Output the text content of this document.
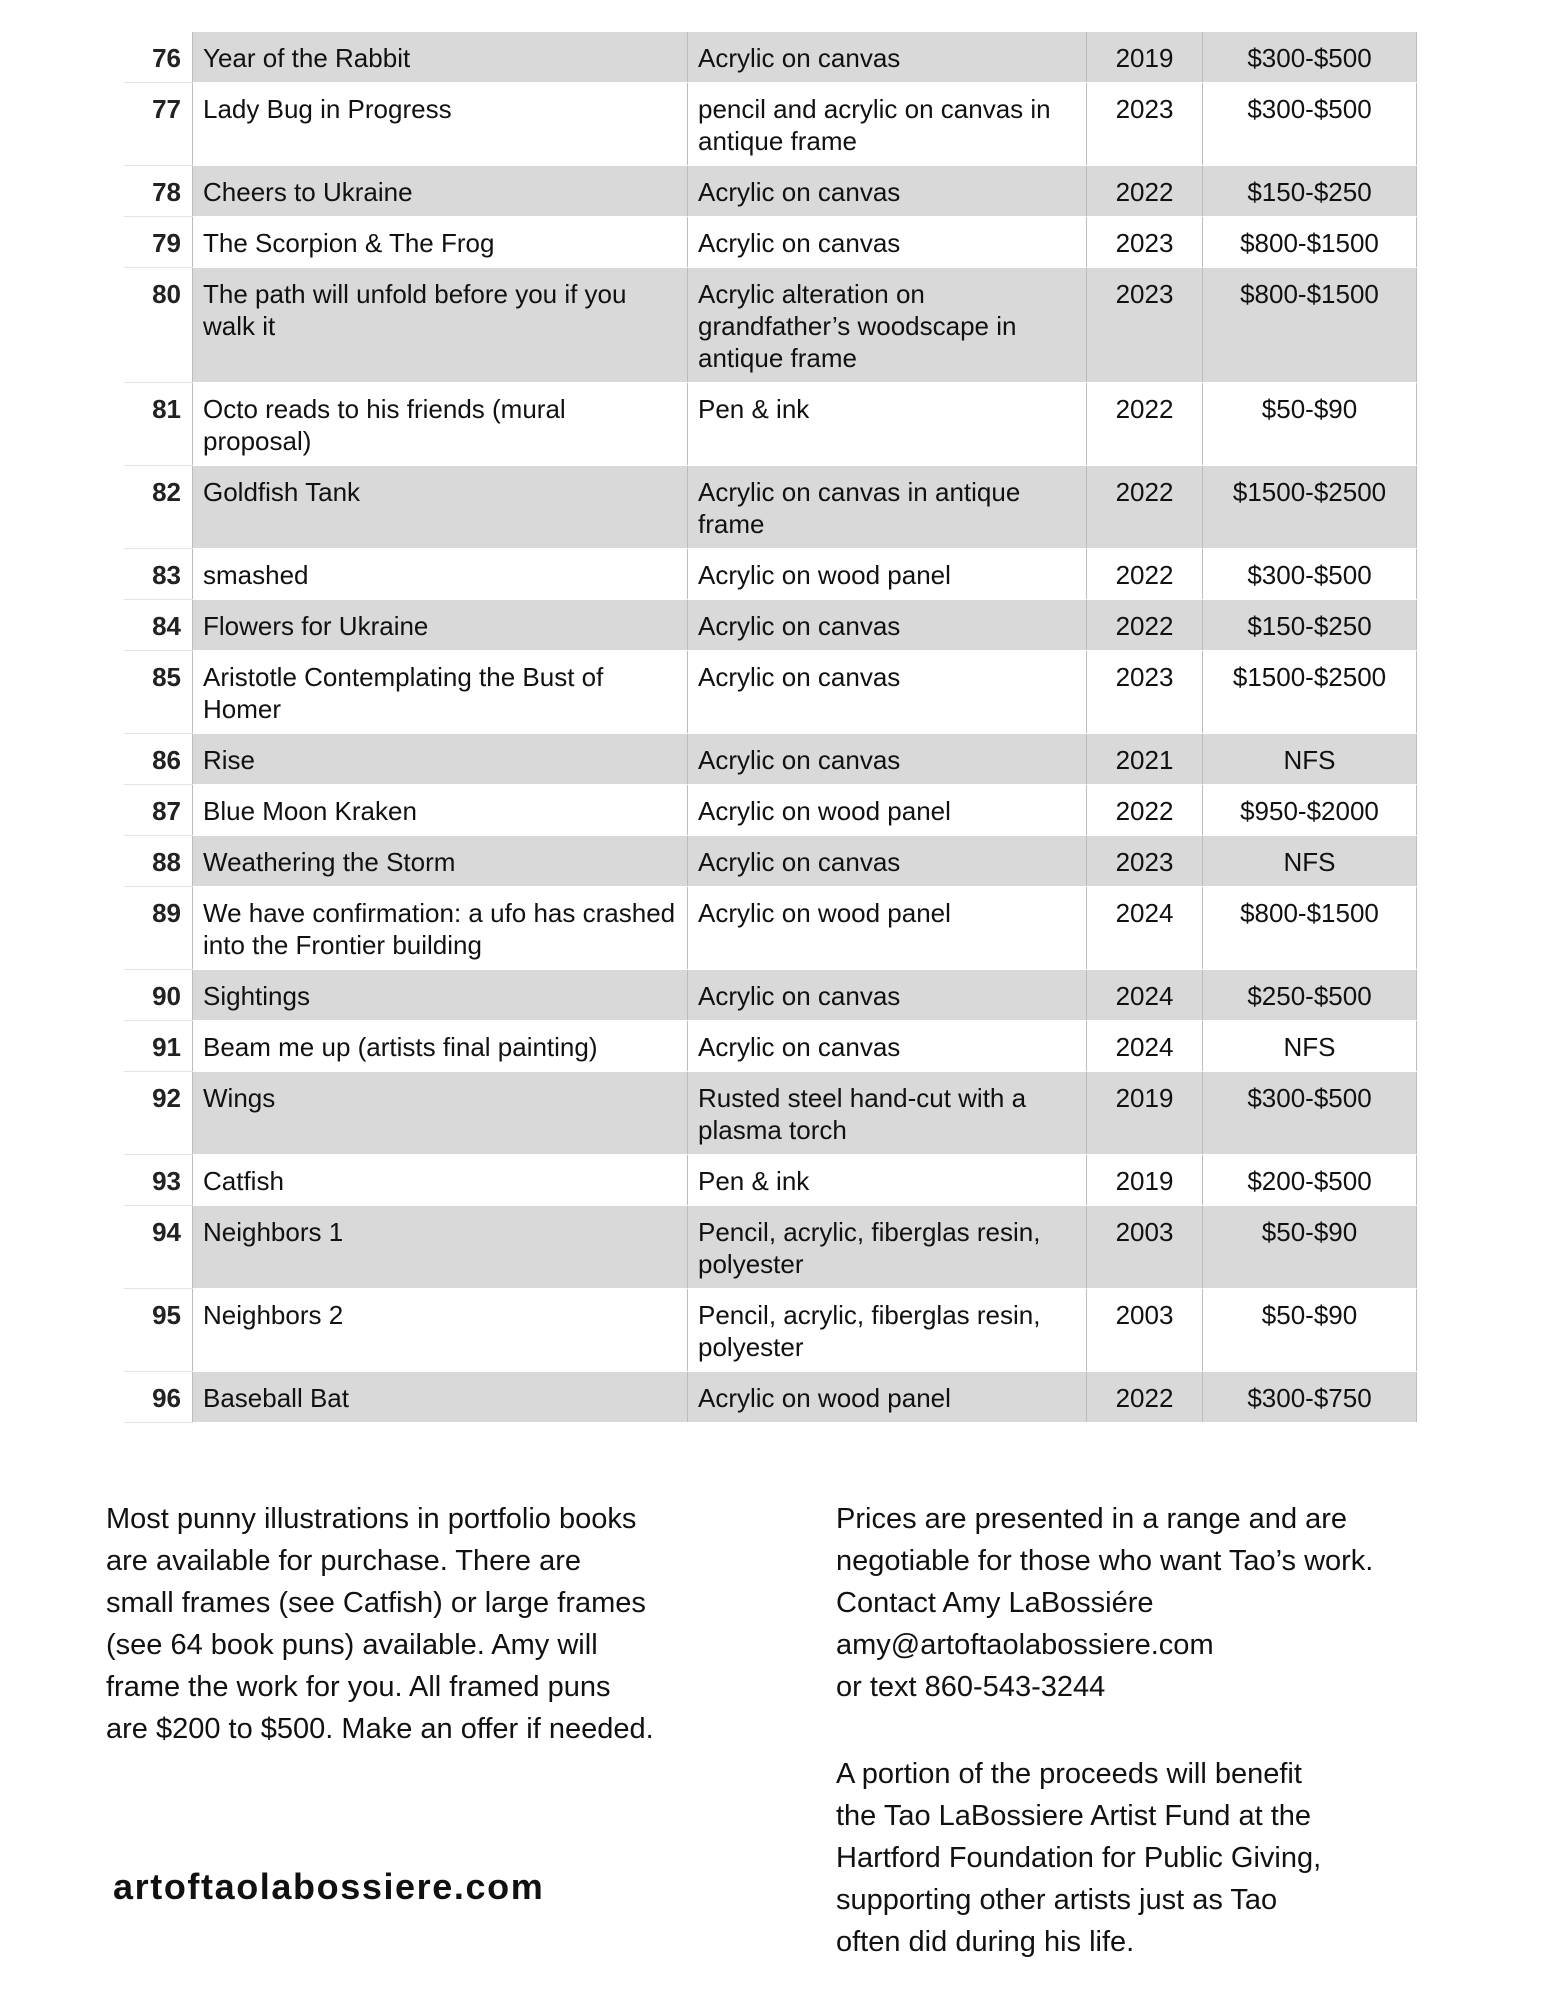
76	Year of the Rabbit	Acrylic on canvas	2019	$300-$500
77	Lady Bug in Progress	pencil and acrylic on canvas in antique frame	2023	$300-$500
78	Cheers to Ukraine	Acrylic on canvas	2022	$150-$250
79	The Scorpion & The Frog	Acrylic on canvas	2023	$800-$1500
80	The path will unfold before you if you walk it	Acrylic alteration on grandfather’s woodscape in antique frame	2023	$800-$1500
81	Octo reads to his friends (mural proposal)	Pen & ink	2022	$50-$90
82	Goldfish Tank	Acrylic on canvas in antique frame	2022	$1500-$2500
83	smashed	Acrylic on wood panel	2022	$300-$500
84	Flowers for Ukraine	Acrylic on canvas	2022	$150-$250
85	Aristotle Contemplating the Bust of Homer	Acrylic on canvas	2023	$1500-$2500
86	Rise	Acrylic on canvas	2021	NFS
87	Blue Moon Kraken	Acrylic on wood panel	2022	$950-$2000
88	Weathering the Storm	Acrylic on canvas	2023	NFS
89	We have confirmation: a ufo has crashed into the Frontier building	Acrylic on wood panel	2024	$800-$1500
90	Sightings	Acrylic on canvas	2024	$250-$500
91	Beam me up (artists final painting)	Acrylic on canvas	2024	NFS
92	Wings	Rusted steel hand-cut with a plasma torch	2019	$300-$500
93	Catfish	Pen & ink	2019	$200-$500
94	Neighbors 1	Pencil, acrylic, fiberglas resin, polyester	2003	$50-$90
95	Neighbors 2	Pencil, acrylic, fiberglas resin, polyester	2003	$50-$90
96	Baseball Bat	Acrylic on wood panel	2022	$300-$750
Most punny illustrations in portfolio books
are available for purchase. There are
small frames (see Catfish) or large frames
(see 64 book puns) available. Amy will
frame the work for you. All framed puns
are $200 to $500. Make an offer if needed.
Prices are presented in a range and are
negotiable for those who want Tao’s work.
Contact Amy LaBossiére
amy@artoftaolabossiere.com
or text 860-543-3244
A portion of the proceeds will benefit
the Tao LaBossiere Artist Fund at the
Hartford Foundation for Public Giving,
supporting other artists just as Tao
often did during his life.
artoftaolabossiere.com
